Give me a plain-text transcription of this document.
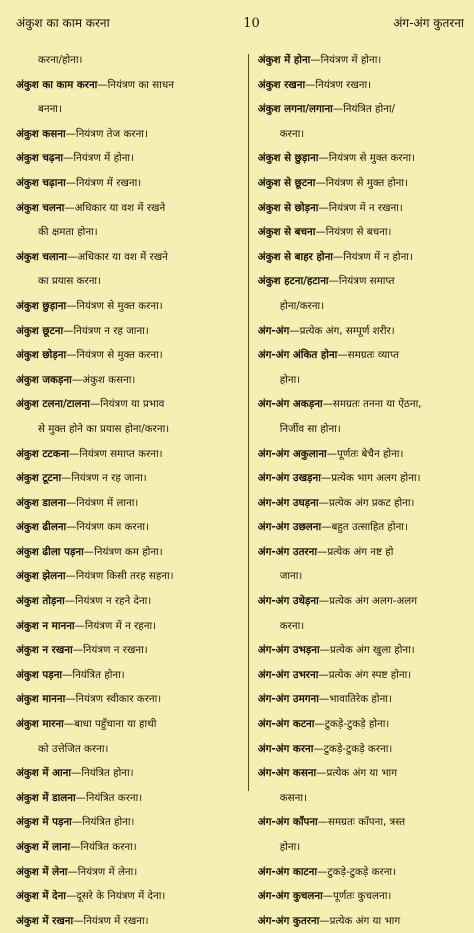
अंकुश का काम करना	10	अंग-अंग कुतरना
करना/होना।
अंकुश का काम करना—नियंत्रण का साधन
बनना।
अंकुश कसना—नियंत्रण तेज करना।
अंकुश चढ़ना—नियंत्रण में होना।
अंकुश चढ़ाना—नियंत्रण में रखना।
अंकुश चलना—अधिकार या वश में रखने
की क्षमता होना।
अंकुश चलाना—अधिकार या वश में रखने
का प्रयास करना।
अंकुश छुड़ाना—नियंत्रण से मुक्त करना।
अंकुश छूटना—नियंत्रण न रह जाना।
अंकुश छोड़ना—नियंत्रण से मुक्त करना।
अंकुश जकड़ना—अंकुश कसना।
अंकुश टलना/टालना—नियंत्रण या प्रभाव
से मुक्त होने का प्रयास होना/करना।
अंकुश टटकना—नियंत्रण समाप्त करना।
अंकुश टूटना—नियंत्रण न रह जाना।
अंकुश डालना—नियंत्रण में लाना।
अंकुश ढीलना—नियंत्रण कम करना।
अंकुश ढीला पड़ना—नियंत्रण कम होना।
अंकुश झेलना—नियंत्रण किसी तरह सहना।
अंकुश तोड़ना—नियंत्रण न रहने देना।
अंकुश न मानना—नियंत्रण में न रहना।
अंकुश न रखना—नियंत्रण न रखना।
अंकुश पड़ना—नियंत्रित होना।
अंकुश मानना—नियंत्रण स्वीकार करना।
अंकुश मारना—बाधा पहुँचाना या हाथी
को उत्तेजित करना।
अंकुश में आना—नियंत्रित होना।
अंकुश में डालना—नियंत्रित करना।
अंकुश में पड़ना—नियंत्रित होना।
अंकुश में लाना—नियंत्रित करना।
अंकुश में लेना—नियंत्रण में लेना।
अंकुश में देना—दूसरे के नियंत्रण में देना।
अंकुश में रखना—नियंत्रण में रखना।
अंकुश में होना—नियंत्रण में होना।
अंकुश रखना—नियंत्रण रखना।
अंकुश लगना/लगाना—नियंत्रित होना/
करना।
अंकुश से छुड़ाना—नियंत्रण से मुक्त करना।
अंकुश से छूटना—नियंत्रण से मुक्त होना।
अंकुश से छोड़ना—नियंत्रण में न रखना।
अंकुश से बचना—नियंत्रण से बचना।
अंकुश से बाहर होना—नियंत्रण में न होना।
अंकुश हटना/हटाना—नियंत्रण समाप्त
होना/करना।
अंग-अंग—प्रत्येक अंग, सम्पूर्ण शरीर।
अंग-अंग अंकित होना—समग्रतः व्याप्त
होना।
अंग-अंग अकड़ना—समग्रतः तनना या ऐंठना,
निर्जीव सा होना।
अंग-अंग अकुलाना—पूर्णतः बेचैन होना।
अंग-अंग उखड़ना—प्रत्येक भाग अलग होना।
अंग-अंग उघड़ना—प्रत्येक अंग प्रकट होना।
अंग-अंग उछलना—बहुत उत्साहित होना।
अंग-अंग उतरना—प्रत्येक अंग नष्ट हो
जाना।
अंग-अंग उधेड़ना—प्रत्येक अंग अलग-अलग
करना।
अंग-अंग उभड़ना—प्रत्येक अंग खुला होना।
अंग-अंग उभरना—प्रत्येक अंग स्पष्ट होना।
अंग-अंग उमगना—भावातिरेक होना।
अंग-अंग कटना—टुकड़े-टुकड़े होना।
अंग-अंग करना—टुकड़े-टुकड़े करना।
अंग-अंग कसना—प्रत्येक अंग या भाग
कसना।
अंग-अंग काँपना—समग्रतः काँपना, त्रस्त
होना।
अंग-अंग काटना—टुकड़े-टुकड़े करना।
अंग-अंग कुचलना—पूर्णतः कुचलना।
अंग-अंग कुतरना—प्रत्येक अंग या भाग
